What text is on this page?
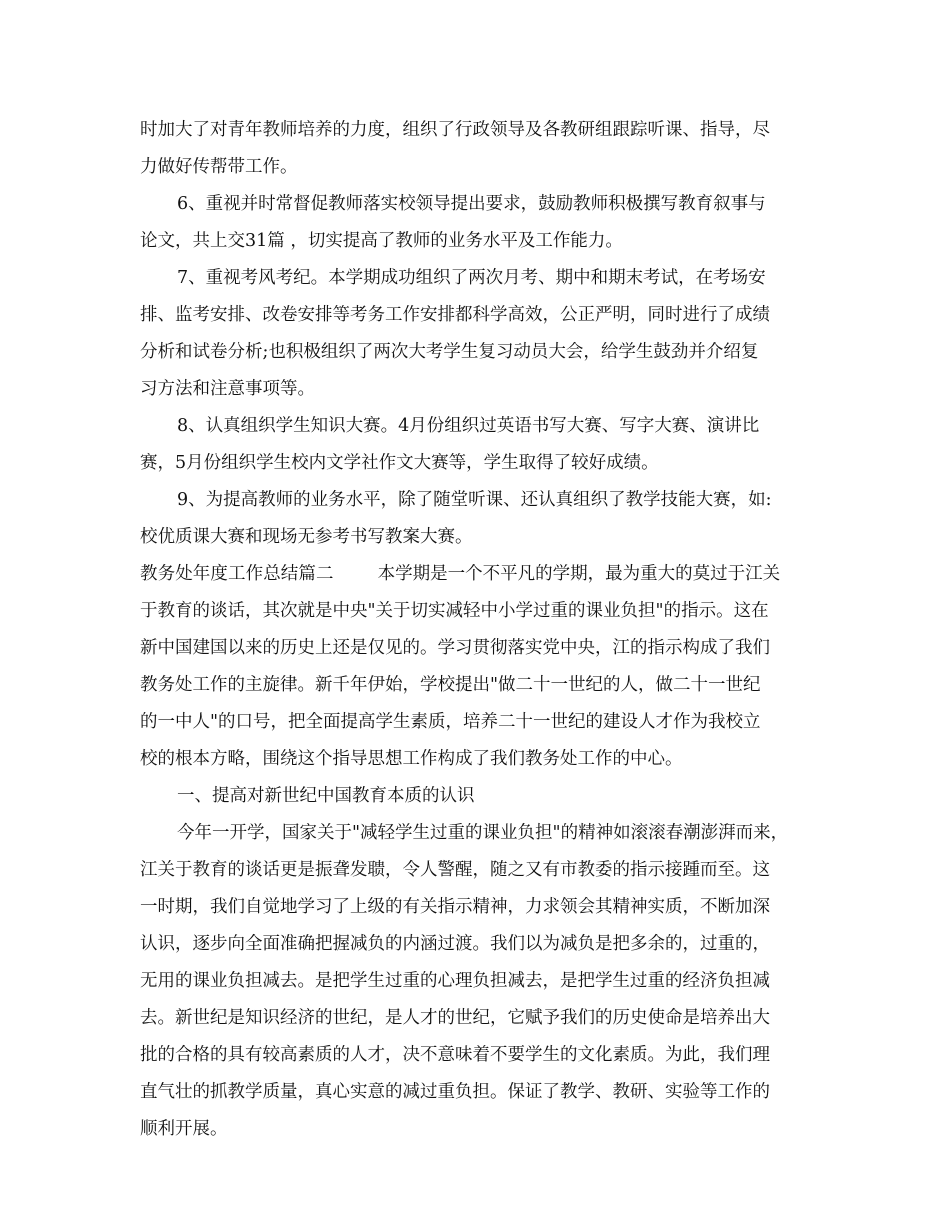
时加大了对青年教师培养的力度，组织了行政领导及各教研组跟踪听课、指导，尽
力做好传帮带工作。
6、重视并时常督促教师落实校领导提出要求，鼓励教师积极撰写教育叙事与
论文，共上交31篇 ，切实提高了教师的业务水平及工作能力。
7、重视考风考纪。本学期成功组织了两次月考、期中和期末考试，在考场安
排、监考安排、改卷安排等考务工作安排都科学高效，公正严明，同时进行了成绩
分析和试卷分析;也积极组织了两次大考学生复习动员大会，给学生鼓劲并介绍复
习方法和注意事项等。
8、认真组织学生知识大赛。4月份组织过英语书写大赛、写字大赛、演讲比
赛，5月份组织学生校内文学社作文大赛等，学生取得了较好成绩。
9、为提高教师的业务水平，除了随堂听课、还认真组织了教学技能大赛，如:
校优质课大赛和现场无参考书写教案大赛。
教务处年度工作总结篇二	本学期是一个不平凡的学期，最为重大的莫过于江关
于教育的谈话，其次就是中央"关于切实减轻中小学过重的课业负担"的指示。这在
新中国建国以来的历史上还是仅见的。学习贯彻落实党中央，江的指示构成了我们
教务处工作的主旋律。新千年伊始，学校提出"做二十一世纪的人，做二十一世纪
的一中人"的口号，把全面提高学生素质，培养二十一世纪的建设人才作为我校立
校的根本方略，围绕这个指导思想工作构成了我们教务处工作的中心。
一、提高对新世纪中国教育本质的认识
今年一开学，国家关于"减轻学生过重的课业负担"的精神如滚滚春潮澎湃而来，
江关于教育的谈话更是振聋发聩，令人警醒，随之又有市教委的指示接踵而至。这
一时期，我们自觉地学习了上级的有关指示精神，力求领会其精神实质，不断加深
认识，逐步向全面准确把握减负的内涵过渡。我们以为减负是把多余的，过重的，
无用的课业负担减去。是把学生过重的心理负担减去，是把学生过重的经济负担减
去。新世纪是知识经济的世纪，是人才的世纪，它赋予我们的历史使命是培养出大
批的合格的具有较高素质的人才，决不意味着不要学生的文化素质。为此，我们理
直气壮的抓教学质量，真心实意的减过重负担。保证了教学、教研、实验等工作的
顺利开展。
